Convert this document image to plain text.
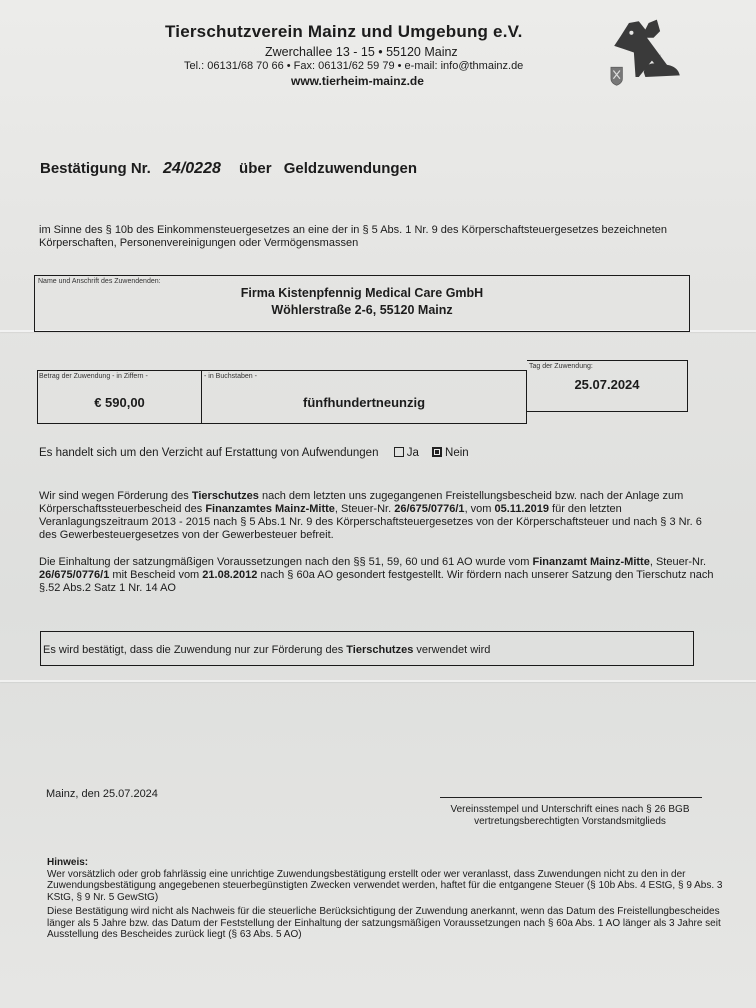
Tierschutzverein Mainz und Umgebung e.V.
Zwerchallee 13 - 15 • 55120 Mainz
Tel.: 06131/68 70 66 • Fax: 06131/62 59 79 • e-mail: info@thmainz.de
www.tierheim-mainz.de
Bestätigung Nr. 24/0228 über Geldzuwendungen
im Sinne des § 10b des Einkommensteuergesetzes an eine der in § 5 Abs. 1 Nr. 9 des Körperschaftsteuergesetzes bezeichneten Körperschaften, Personenvereinigungen oder Vermögensmassen
Name und Anschrift des Zuwendenden:
Firma Kistenpfennig Medical Care GmbH
Wöhlerstraße 2-6, 55120 Mainz
Betrag der Zuwendung - in Ziffern -
€ 590,00
- in Buchstaben -
fünfhundertneunzig
Tag der Zuwendung:
25.07.2024
Es handelt sich um den Verzicht auf Erstattung von Aufwendungen Ja Nein
Wir sind wegen Förderung des Tierschutzes nach dem letzten uns zugegangenen Freistellungsbescheid bzw. nach der Anlage zum Körperschaftssteuerbescheid des Finanzamtes Mainz-Mitte, Steuer-Nr. 26/675/0776/1, vom 05.11.2019 für den letzten Veranlagungszeitraum 2013 - 2015 nach § 5 Abs.1 Nr. 9 des Körperschaftsteuergesetzes von der Körperschaftsteuer und nach § 3 Nr. 6 des Gewerbesteuergesetzes von der Gewerbesteuer befreit.
Die Einhaltung der satzungmäßigen Voraussetzungen nach den §§ 51, 59, 60 und 61 AO wurde vom Finanzamt Mainz-Mitte, Steuer-Nr. 26/675/0776/1 mit Bescheid vom 21.08.2012 nach § 60a AO gesondert festgestellt. Wir fördern nach unserer Satzung den Tierschutz nach §.52 Abs.2 Satz 1 Nr. 14 AO
Es wird bestätigt, dass die Zuwendung nur zur Förderung des Tierschutzes verwendet wird
Mainz, den 25.07.2024
Vereinsstempel und Unterschrift eines nach § 26 BGB
vertretungsberechtigten Vorstandsmitglieds
Hinweis:
Wer vorsätzlich oder grob fahrlässig eine unrichtige Zuwendungsbestätigung erstellt oder wer veranlasst, dass Zuwendungen nicht zu den in der Zuwendungsbestätigung angegebenen steuerbegünstigten Zwecken verwendet werden, haftet für die entgangene Steuer (§ 10b Abs. 4 EStG, § 9 Abs. 3 KStG, § 9 Nr. 5 GewStG)
Diese Bestätigung wird nicht als Nachweis für die steuerliche Berücksichtigung der Zuwendung anerkannt, wenn das Datum des Freistellungbescheides länger als 5 Jahre bzw. das Datum der Feststellung der Einhaltung der satzungsmäßigen Voraussetzungen nach § 60a Abs. 1 AO länger als 3 Jahre seit Ausstellung des Bescheides zurück liegt (§ 63 Abs. 5 AO)
